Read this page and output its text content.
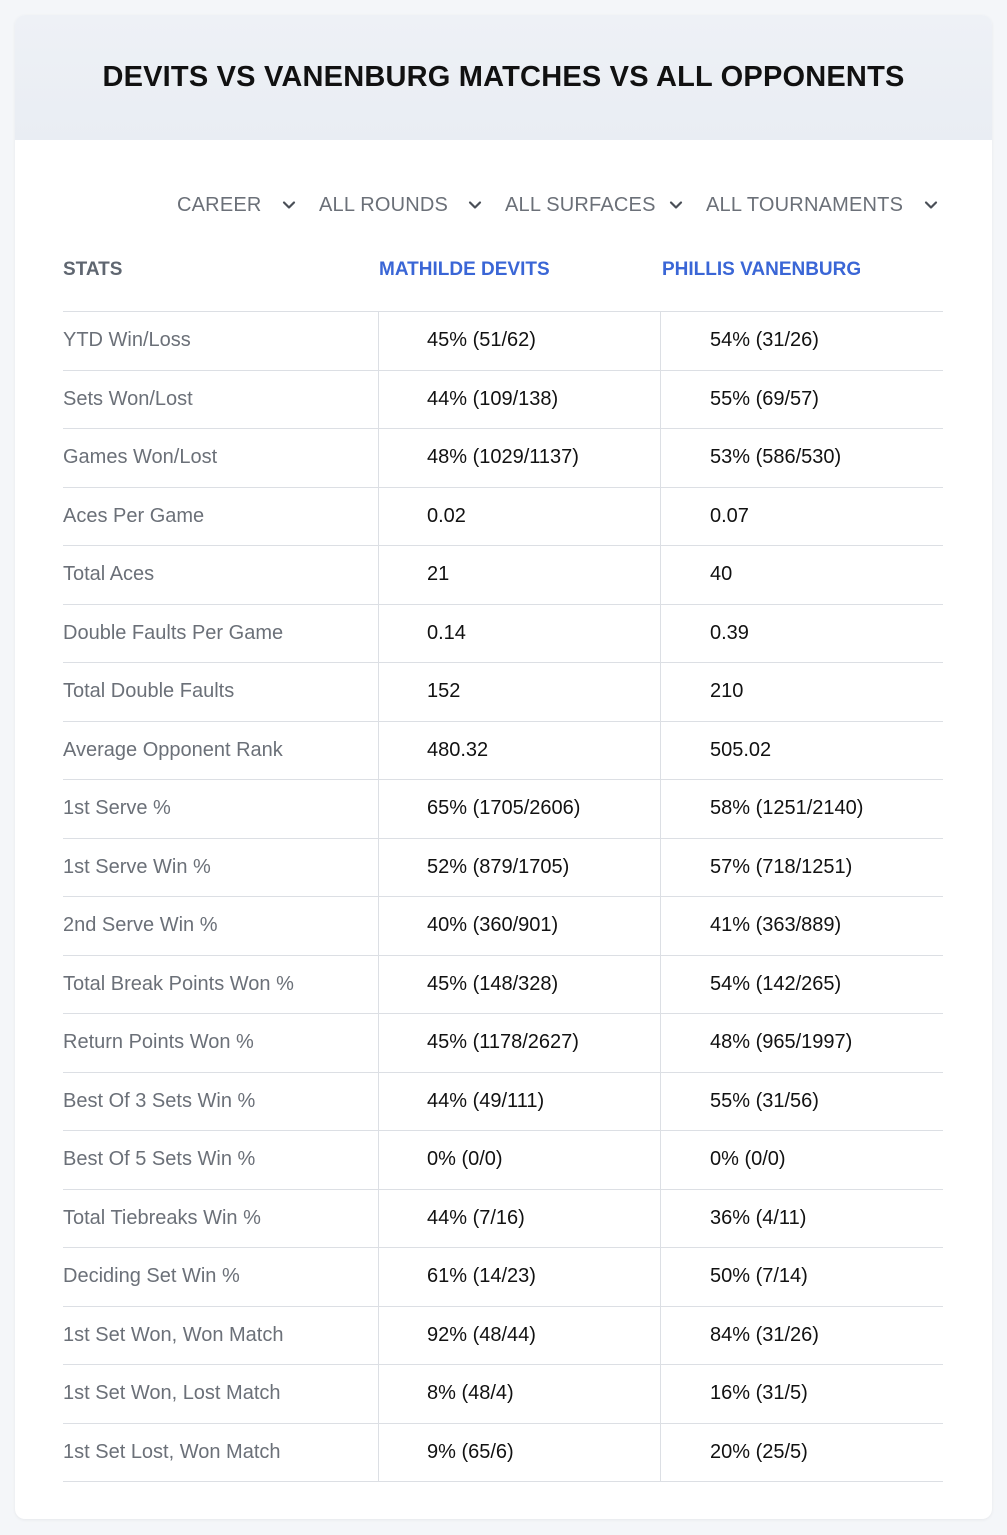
DEVITS VS VANENBURG MATCHES VS ALL OPPONENTS
CAREER	ALL ROUNDS	ALL SURFACES	ALL TOURNAMENTS
STATS	MATHILDE DEVITS	PHILLIS VANENBURG
YTD Win/Loss	45% (51/62)	54% (31/26)
Sets Won/Lost	44% (109/138)	55% (69/57)
Games Won/Lost	48% (1029/1137)	53% (586/530)
Aces Per Game	0.02	0.07
Total Aces	21	40
Double Faults Per Game	0.14	0.39
Total Double Faults	152	210
Average Opponent Rank	480.32	505.02
1st Serve %	65% (1705/2606)	58% (1251/2140)
1st Serve Win %	52% (879/1705)	57% (718/1251)
2nd Serve Win %	40% (360/901)	41% (363/889)
Total Break Points Won %	45% (148/328)	54% (142/265)
Return Points Won %	45% (1178/2627)	48% (965/1997)
Best Of 3 Sets Win %	44% (49/111)	55% (31/56)
Best Of 5 Sets Win %	0% (0/0)	0% (0/0)
Total Tiebreaks Win %	44% (7/16)	36% (4/11)
Deciding Set Win %	61% (14/23)	50% (7/14)
1st Set Won, Won Match	92% (48/44)	84% (31/26)
1st Set Won, Lost Match	8% (48/4)	16% (31/5)
1st Set Lost, Won Match	9% (65/6)	20% (25/5)
